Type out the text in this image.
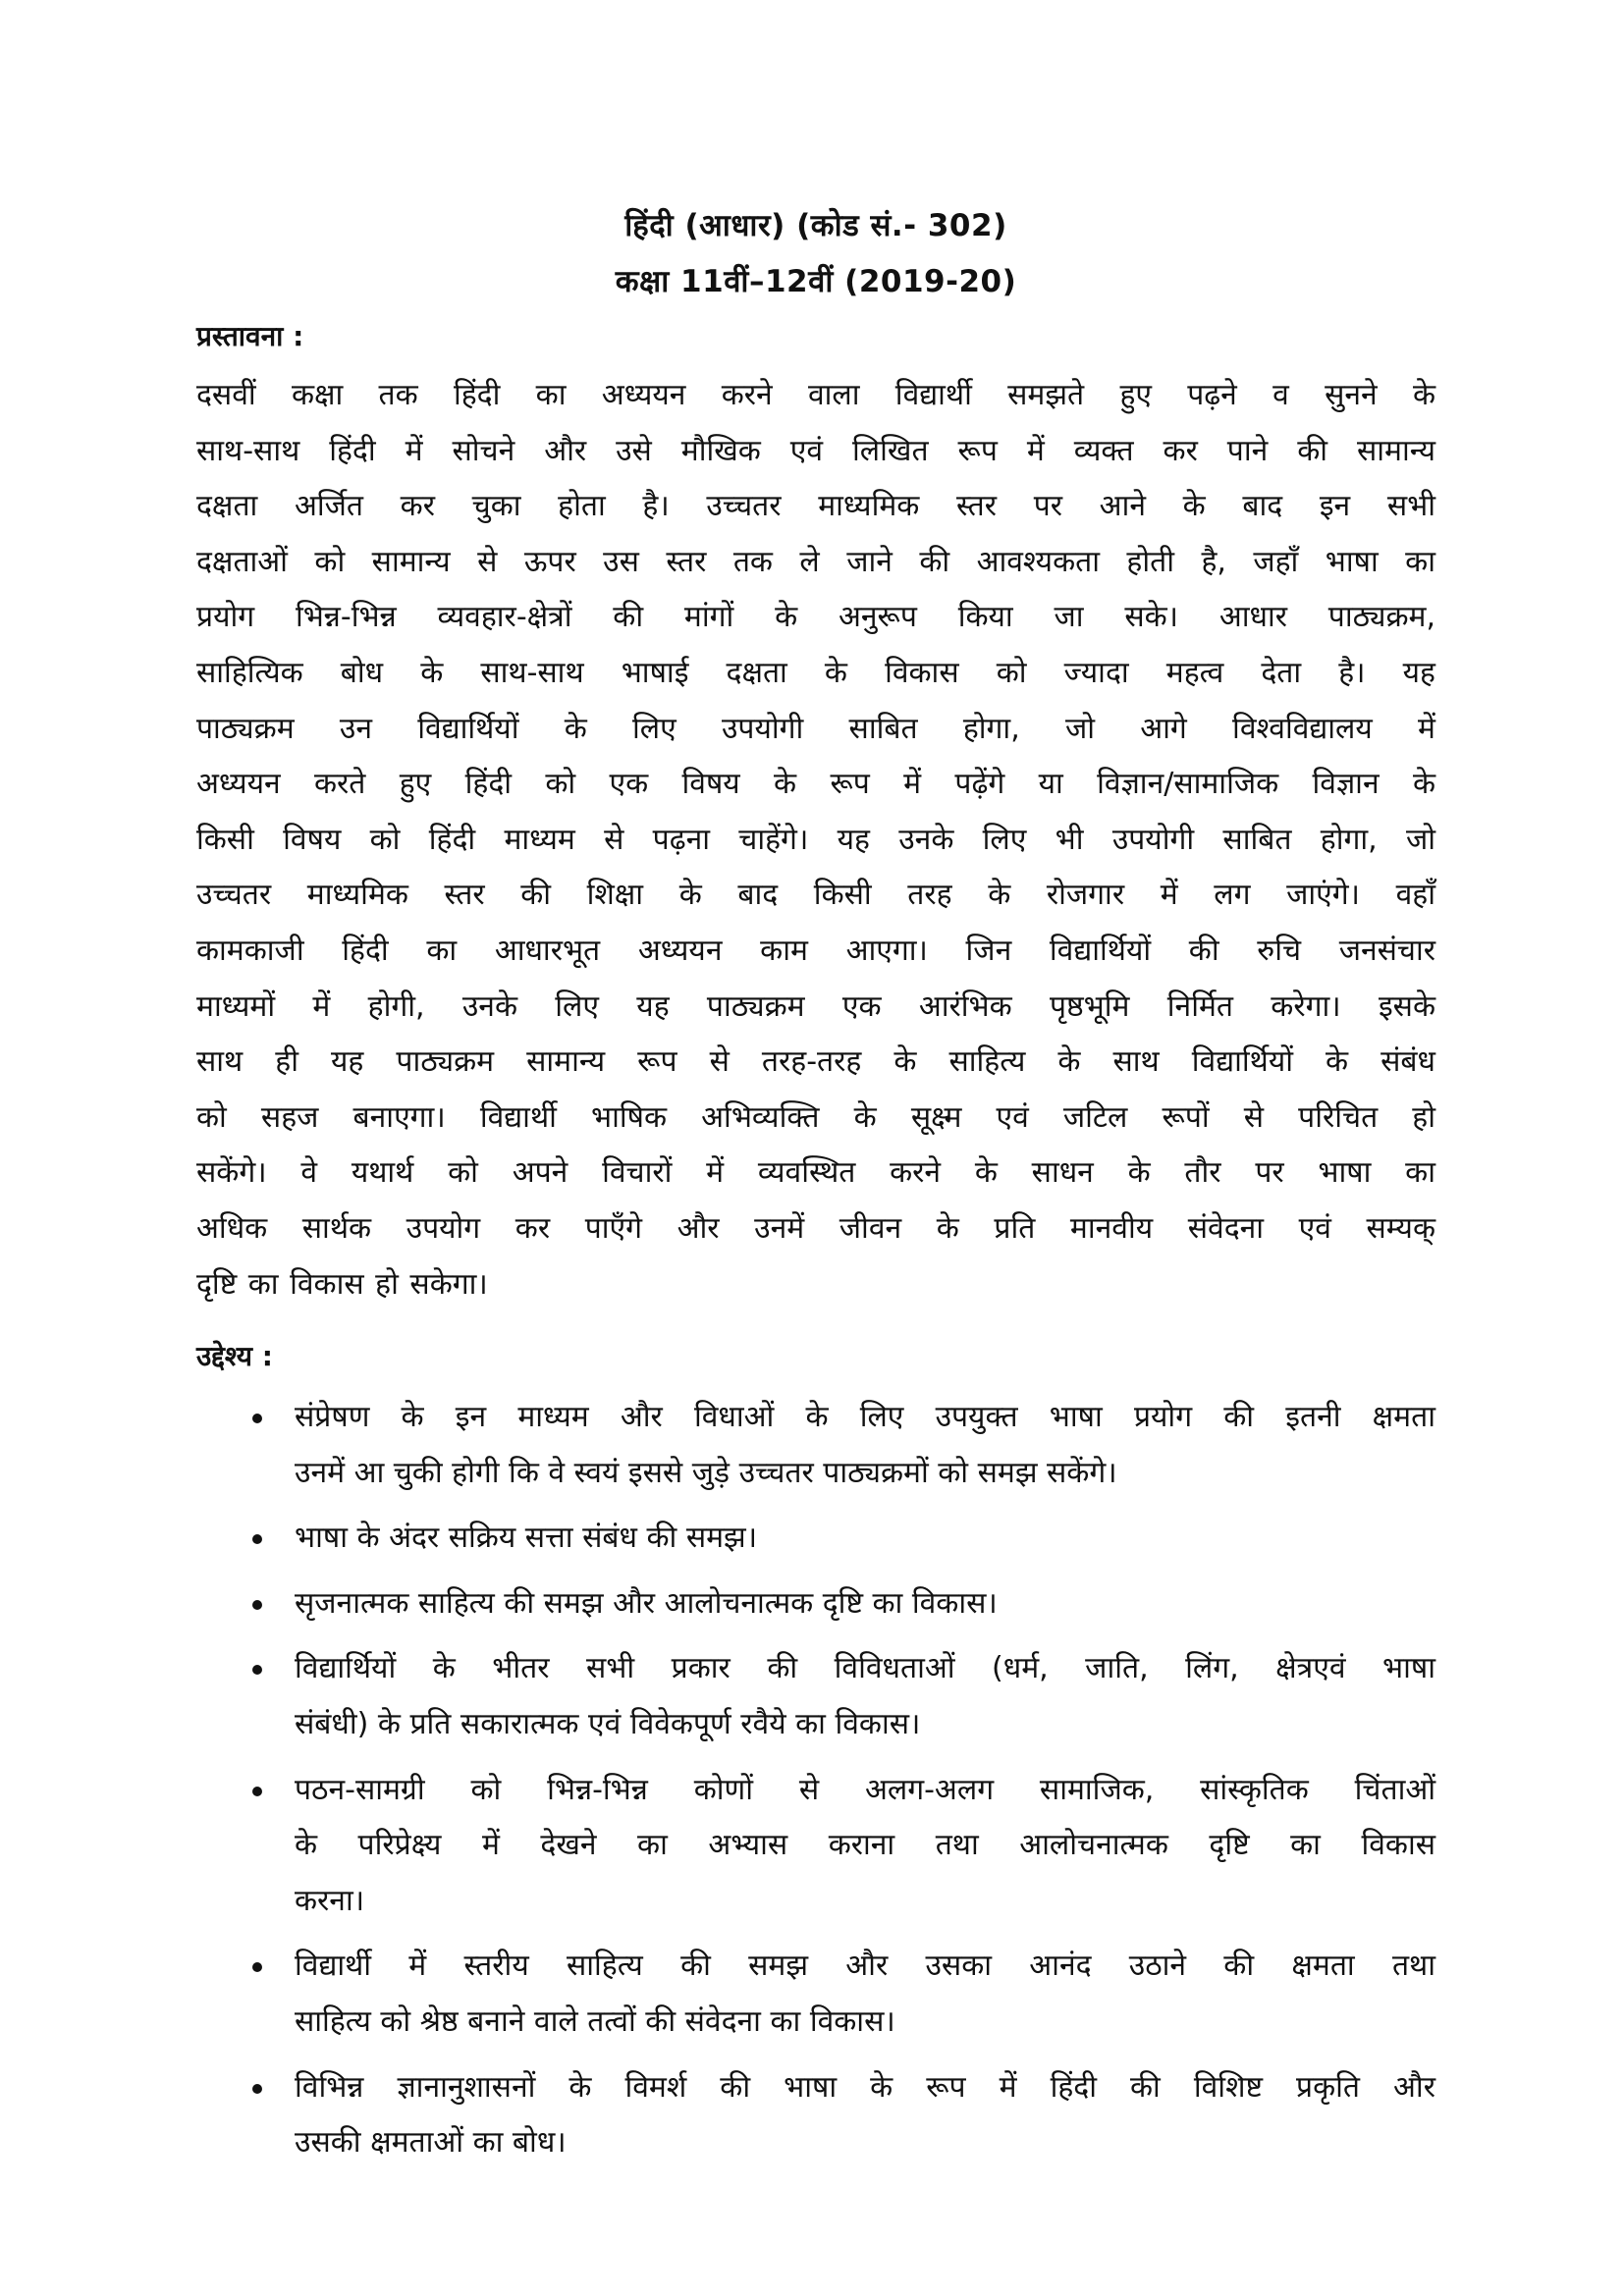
हिंदी (आधार) (कोड सं.- 302)
कक्षा 11वीं–12वीं (2019-20)
प्रस्तावना :
दसवीं कक्षा तक हिंदी का अध्ययन करने वाला विद्यार्थी समझते हुए पढ़ने व सुनने के
साथ-साथ हिंदी में सोचने और उसे मौखिक एवं लिखित रूप में व्यक्त कर पाने की सामान्य
दक्षता अर्जित कर चुका होता है। उच्चतर माध्यमिक स्तर पर आने के बाद इन सभी
दक्षताओं को सामान्य से ऊपर उस स्तर तक ले जाने की आवश्यकता होती है, जहाँ भाषा का
प्रयोग भिन्न-भिन्न व्यवहार-क्षेत्रों की मांगों के अनुरूप किया जा सके। आधार पाठ्यक्रम,
साहित्यिक बोध के साथ-साथ भाषाई दक्षता के विकास को ज्यादा महत्व देता है। यह
पाठ्यक्रम उन विद्यार्थियों के लिए उपयोगी साबित होगा, जो आगे विश्वविद्यालय में
अध्ययन करते हुए हिंदी को एक विषय के रूप में पढ़ेंगे या विज्ञान/सामाजिक विज्ञान के
किसी विषय को हिंदी माध्यम से पढ़ना चाहेंगे। यह उनके लिए भी उपयोगी साबित होगा, जो
उच्चतर माध्यमिक स्तर की शिक्षा के बाद किसी तरह के रोजगार में लग जाएंगे। वहाँ
कामकाजी हिंदी का आधारभूत अध्ययन काम आएगा। जिन विद्यार्थियों की रुचि जनसंचार
माध्यमों में होगी, उनके लिए यह पाठ्यक्रम एक आरंभिक पृष्ठभूमि निर्मित करेगा। इसके
साथ ही यह पाठ्यक्रम सामान्य रूप से तरह-तरह के साहित्य के साथ विद्यार्थियों के संबंध
को सहज बनाएगा। विद्यार्थी भाषिक अभिव्यक्ति के सूक्ष्म एवं जटिल रूपों से परिचित हो
सकेंगे। वे यथार्थ को अपने विचारों में व्यवस्थित करने के साधन के तौर पर भाषा का
अधिक सार्थक उपयोग कर पाएँगे और उनमें जीवन के प्रति मानवीय संवेदना एवं सम्यक्
दृष्टि का विकास हो सकेगा।
उद्देश्य :
संप्रेषण के इन माध्यम और विधाओं के लिए उपयुक्त भाषा प्रयोग की इतनी क्षमता
उनमें आ चुकी होगी कि वे स्वयं इससे जुड़े उच्चतर पाठ्यक्रमों को समझ सकेंगे।
भाषा के अंदर सक्रिय सत्ता संबंध की समझ।
सृजनात्मक साहित्य की समझ और आलोचनात्मक दृष्टि का विकास।
विद्यार्थियों के भीतर सभी प्रकार की विविधताओं (धर्म, जाति, लिंग, क्षेत्रएवं भाषा
संबंधी) के प्रति सकारात्मक एवं विवेकपूर्ण रवैये का विकास।
पठन-सामग्री को भिन्न-भिन्न कोणों से अलग-अलग सामाजिक, सांस्कृतिक चिंताओं
के परिप्रेक्ष्य में देखने का अभ्यास कराना तथा आलोचनात्मक दृष्टि का विकास
करना।
विद्यार्थी में स्तरीय साहित्य की समझ और उसका आनंद उठाने की क्षमता तथा
साहित्य को श्रेष्ठ बनाने वाले तत्वों की संवेदना का विकास।
विभिन्न ज्ञानानुशासनों के विमर्श की भाषा के रूप में हिंदी की विशिष्ट प्रकृति और
उसकी क्षमताओं का बोध।
